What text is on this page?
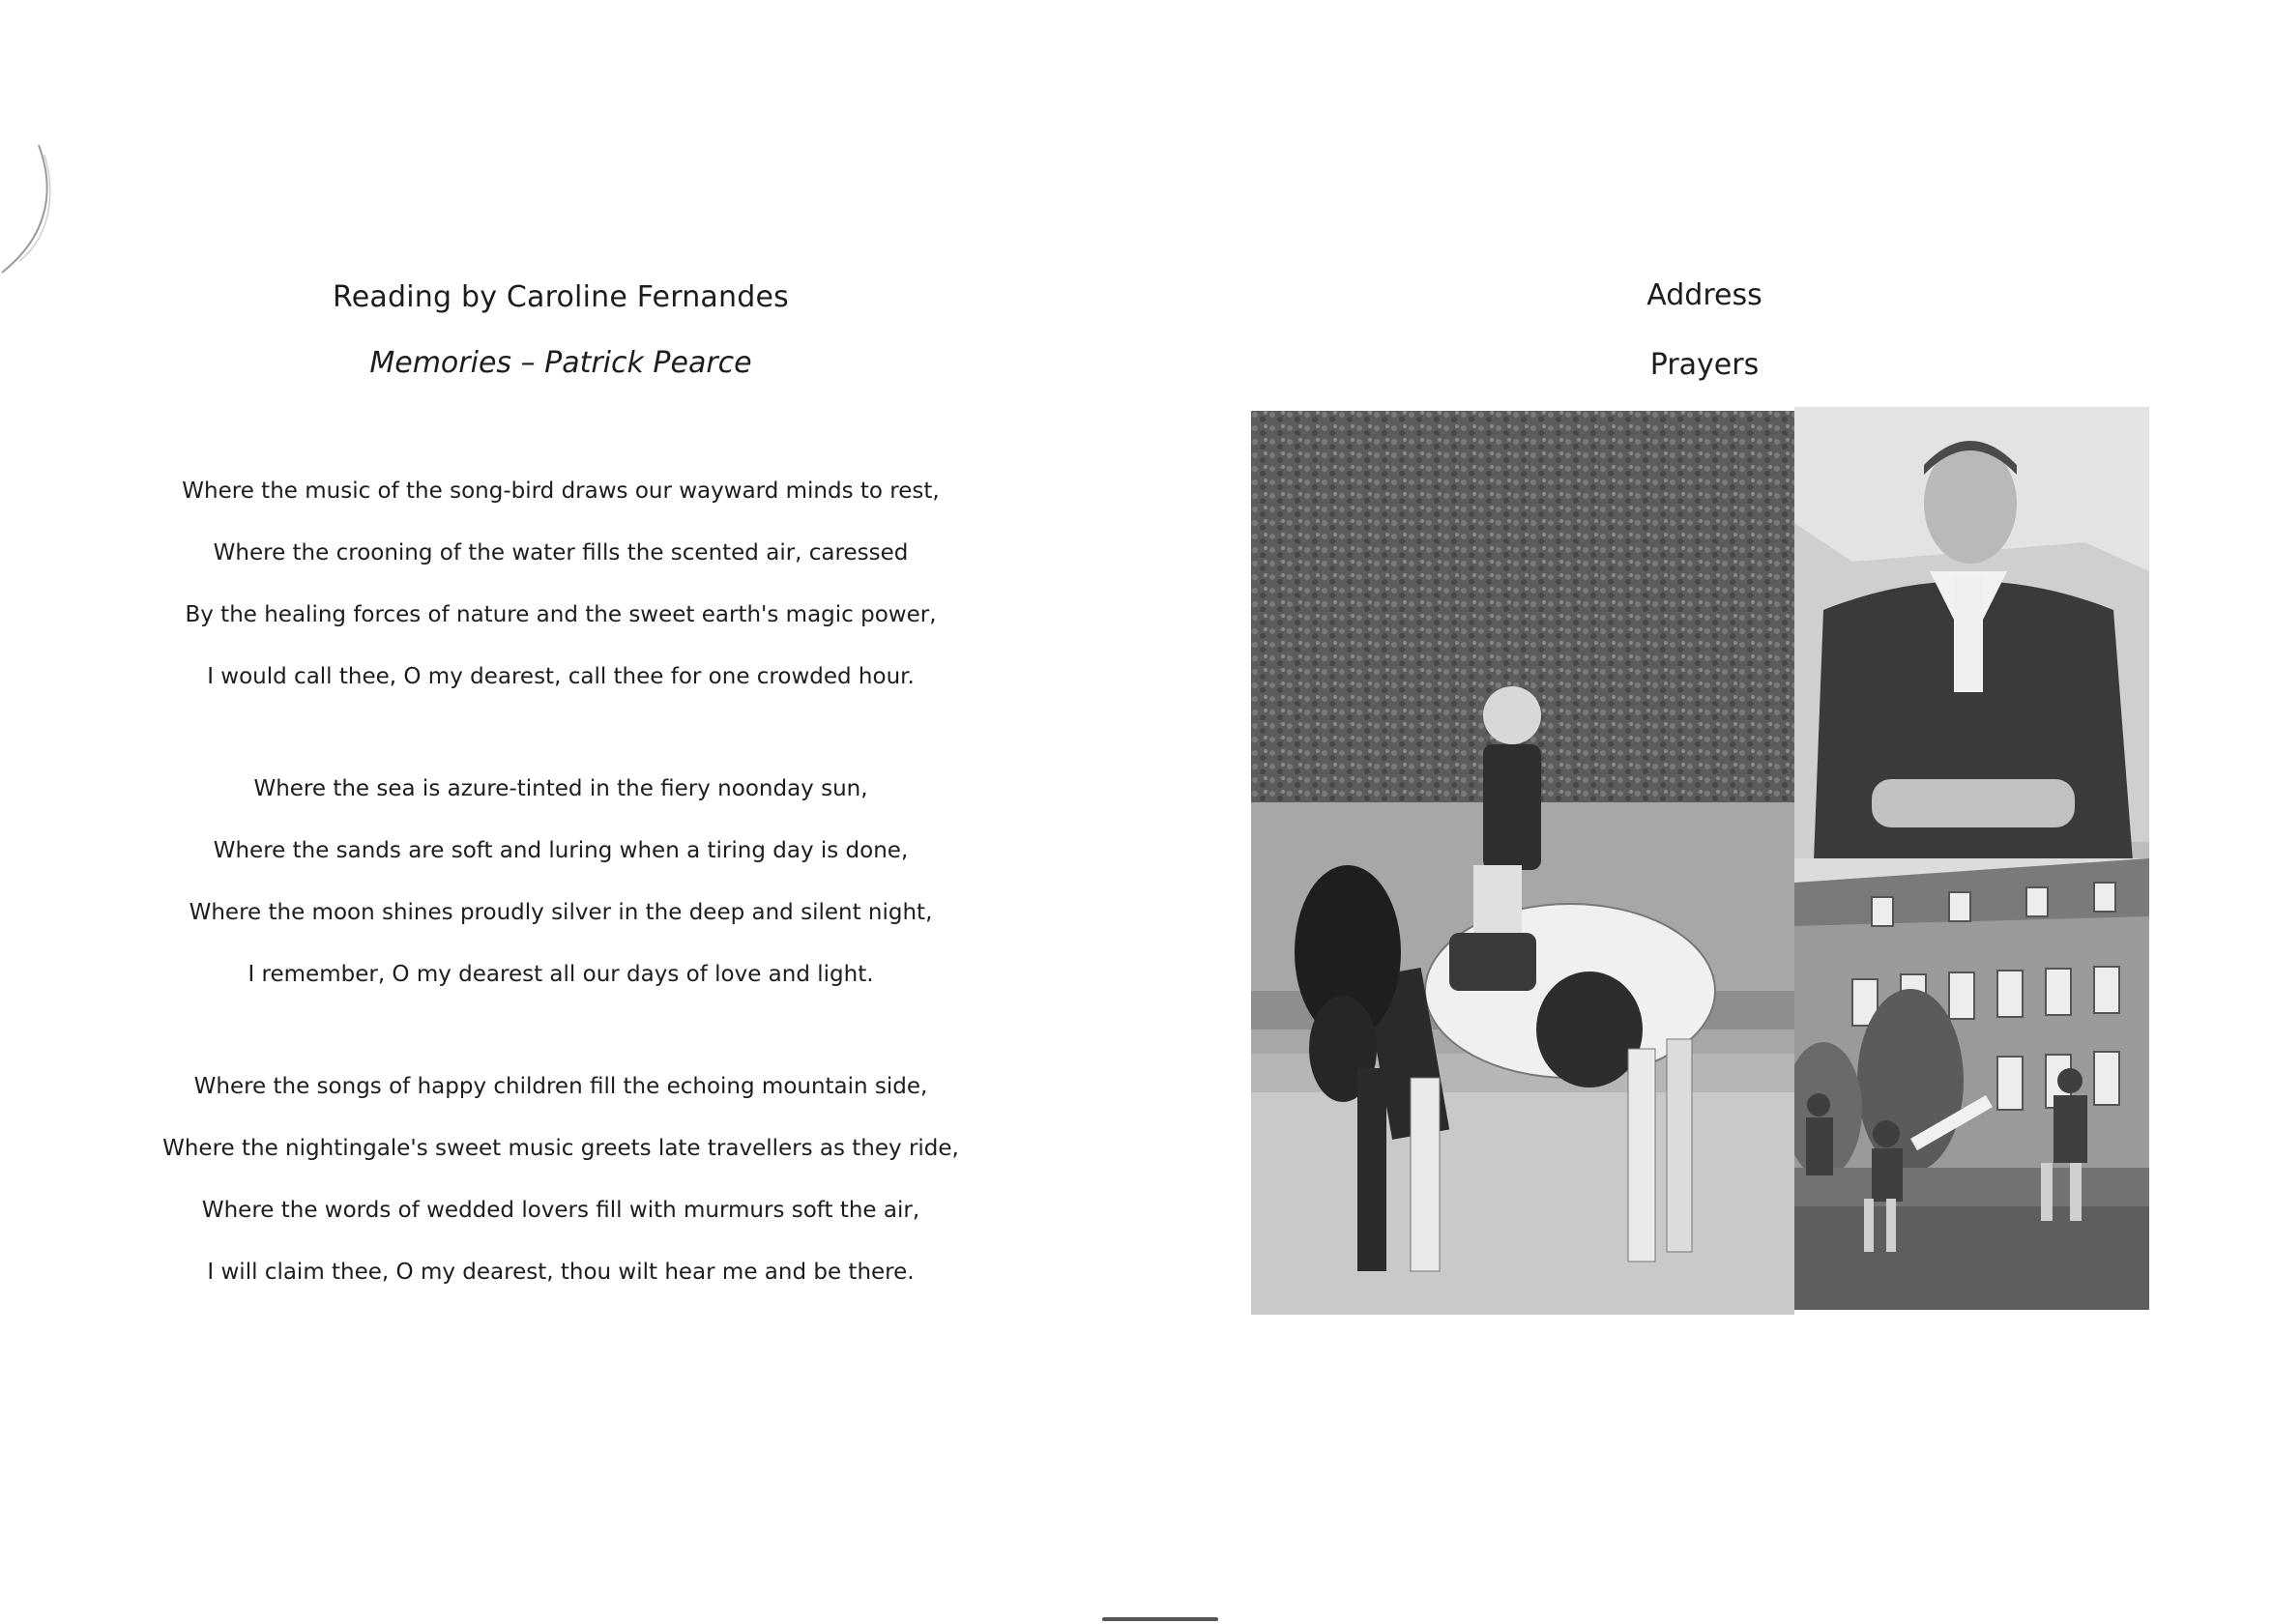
Reading by Caroline Fernandes
Memories – Patrick Pearce
Where the music of the song-bird draws our wayward minds to rest,
Where the crooning of the water fills the scented air, caressed
By the healing forces of nature and the sweet earth's magic power,
I would call thee, O my dearest, call thee for one crowded hour.
Where the sea is azure-tinted in the fiery noonday sun,
Where the sands are soft and luring when a tiring day is done,
Where the moon shines proudly silver in the deep and silent night,
I remember, O my dearest all our days of love and light.
Where the songs of happy children fill the echoing mountain side,
Where the nightingale's sweet music greets late travellers as they ride,
Where the words of wedded lovers fill with murmurs soft the air,
I will claim thee, O my dearest, thou wilt hear me and be there.
Address
Prayers
